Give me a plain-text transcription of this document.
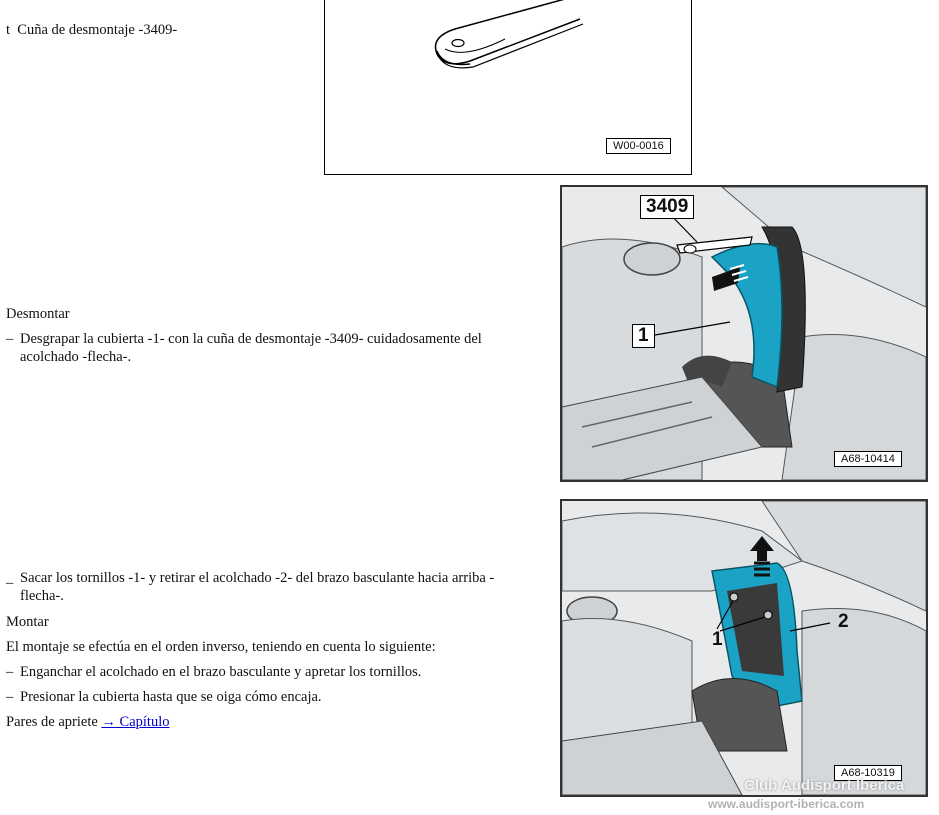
t Cuña de desmontaje -3409-
W00-0016
Desmontar
– Desgrapar la cubierta -1- con la cuña de desmontaje -3409- cuidadosamente del
acolchado -flecha-.
3409
1
A68-10414
_ Sacar los tornillos -1- y retirar el acolchado -2- del brazo basculante hacia arriba -
flecha-.
Montar
El montaje se efectúa en el orden inverso, teniendo en cuenta lo siguiente:
– Enganchar el acolchado en el brazo basculante y apretar los tornillos.
– Presionar la cubierta hasta que se oiga cómo encaja.
Pares de apriete → Capítulo
1
2
A68-10319
Club Audisport Iberica
www.audisport-iberica.com
